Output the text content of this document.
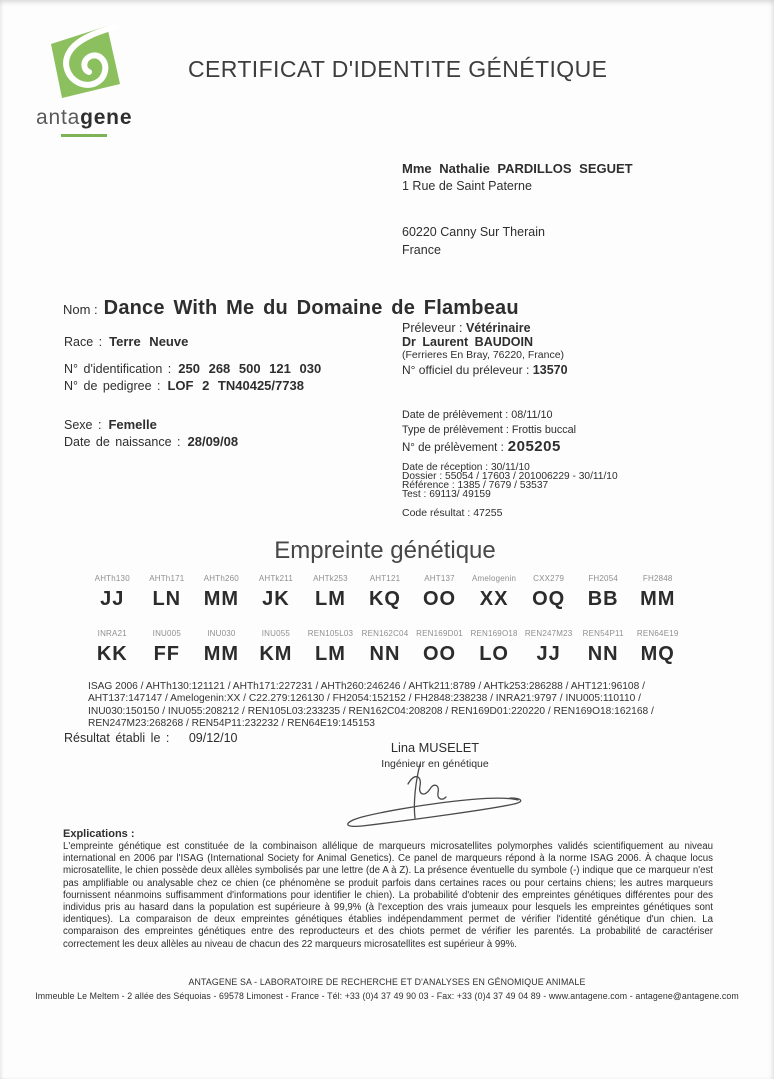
antagene
CERTIFICAT D'IDENTITE GÉNÉTIQUE
Mme Nathalie PARDILLOS SEGUET
1 Rue de Saint Paterne
60220 Canny Sur Therain
France
Nom : Dance With Me du Domaine de Flambeau
Race : Terre Neuve
N° d'identification : 250 268 500 121 030
N° de pedigree : LOF 2 TN40425/7738
Sexe : Femelle
Date de naissance : 28/09/08
Préleveur : Vétérinaire
Dr Laurent BAUDOIN
(Ferrieres En Bray, 76220, France)
N° officiel du préleveur : 13570
Date de prélèvement : 08/11/10
Type de prélèvement : Frottis buccal
N° de prélèvement : 205205
Date de réception : 30/11/10
Dossier : 55054 / 17603 / 201006229 - 30/11/10
Référence : 1385 / 7679 / 53537
Test : 69113/ 49159
Code résultat : 47255
Empreinte génétique
AHTh130
JJ
AHTh171
LN
AHTh260
MM
AHTk211
JK
AHTk253
LM
AHT121
KQ
AHT137
OO
Amelogenin
XX
CXX279
OQ
FH2054
BB
FH2848
MM
INRA21
KK
INU005
FF
INU030
MM
INU055
KM
REN105L03
LM
REN162C04
NN
REN169D01
OO
REN169O18
LO
REN247M23
JJ
REN54P11
NN
REN64E19
MQ
ISAG 2006 / AHTh130:121121 / AHTh171:227231 / AHTh260:246246 / AHTk211:8789 / AHTk253:286288 / AHT121:96108 / AHT137:147147 / Amelogenin:XX / C22.279:126130 / FH2054:152152 / FH2848:238238 / INRA21:9797 / INU005:110110 / INU030:150150 / INU055:208212 / REN105L03:233235 / REN162C04:208208 / REN169D01:220220 / REN169O18:162168 / REN247M23:268268 / REN54P11:232232 / REN64E19:145153
Résultat établi le : 09/12/10
Lina MUSELET
Ingénieur en génétique
Explications :
L'empreinte génétique est constituée de la combinaison allélique de marqueurs microsatellites polymorphes validés scientifiquement au niveau international en 2006 par l'ISAG (International Society for Animal Genetics). Ce panel de marqueurs répond à la norme ISAG 2006. À chaque locus microsatellite, le chien possède deux allèles symbolisés par une lettre (de A à Z). La présence éventuelle du symbole (-) indique que ce marqueur n'est pas amplifiable ou analysable chez ce chien (ce phénomène se produit parfois dans certaines races ou pour certains chiens; les autres marqueurs fournissent néanmoins suffisamment d'informations pour identifier le chien). La probabilité d'obtenir des empreintes génétiques différentes pour des individus pris au hasard dans la population est supérieure à 99,9% (à l'exception des vrais jumeaux pour lesquels les empreintes génétiques sont identiques). La comparaison de deux empreintes génétiques établies indépendamment permet de vérifier l'identité génétique d'un chien. La comparaison des empreintes génétiques entre des reproducteurs et des chiots permet de vérifier les parentés. La probabilité de caractériser correctement les deux allèles au niveau de chacun des 22 marqueurs microsatellites est supérieur à 99%.
ANTAGENE SA - LABORATOIRE DE RECHERCHE ET D'ANALYSES EN GÉNOMIQUE ANIMALE
Immeuble Le Meltem - 2 allée des Séquoias - 69578 Limonest - France - Tél: +33 (0)4 37 49 90 03 - Fax: +33 (0)4 37 49 04 89 - www.antagene.com - antagene@antagene.com
